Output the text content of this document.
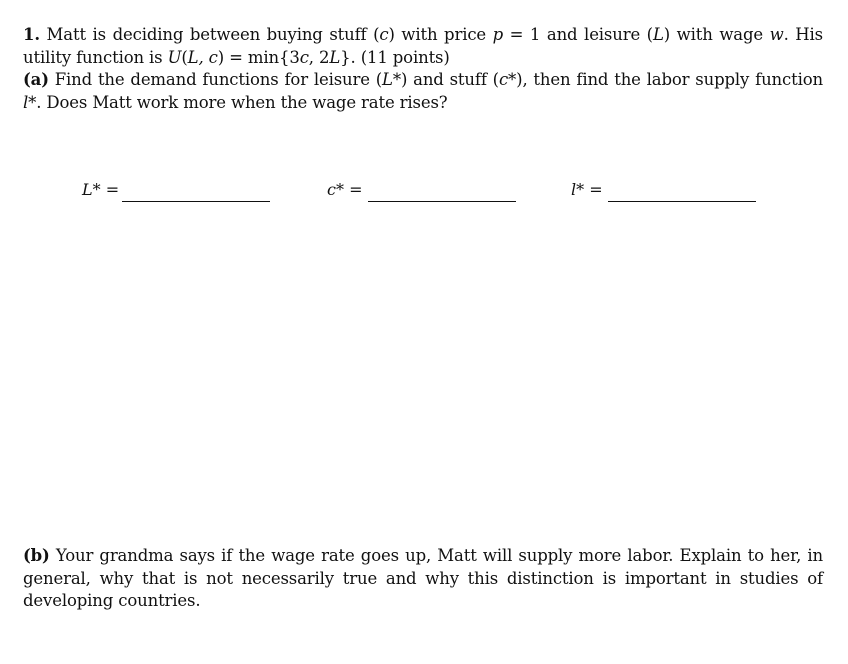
1. Matt is deciding between buying stuff (c) with price p = 1 and leisure (L) with wage w. His utility function is U(L, c) = min{3c, 2L}. (11 points)
(a) Find the demand functions for leisure (L*) and stuff (c*), then find the labor supply function l*. Does Matt work more when the wage rate rises?
L* =	c* =	l* =
(b) Your grandma says if the wage rate goes up, Matt will supply more labor. Explain to her, in general, why that is not necessarily true and why this distinction is important in studies of developing countries.
